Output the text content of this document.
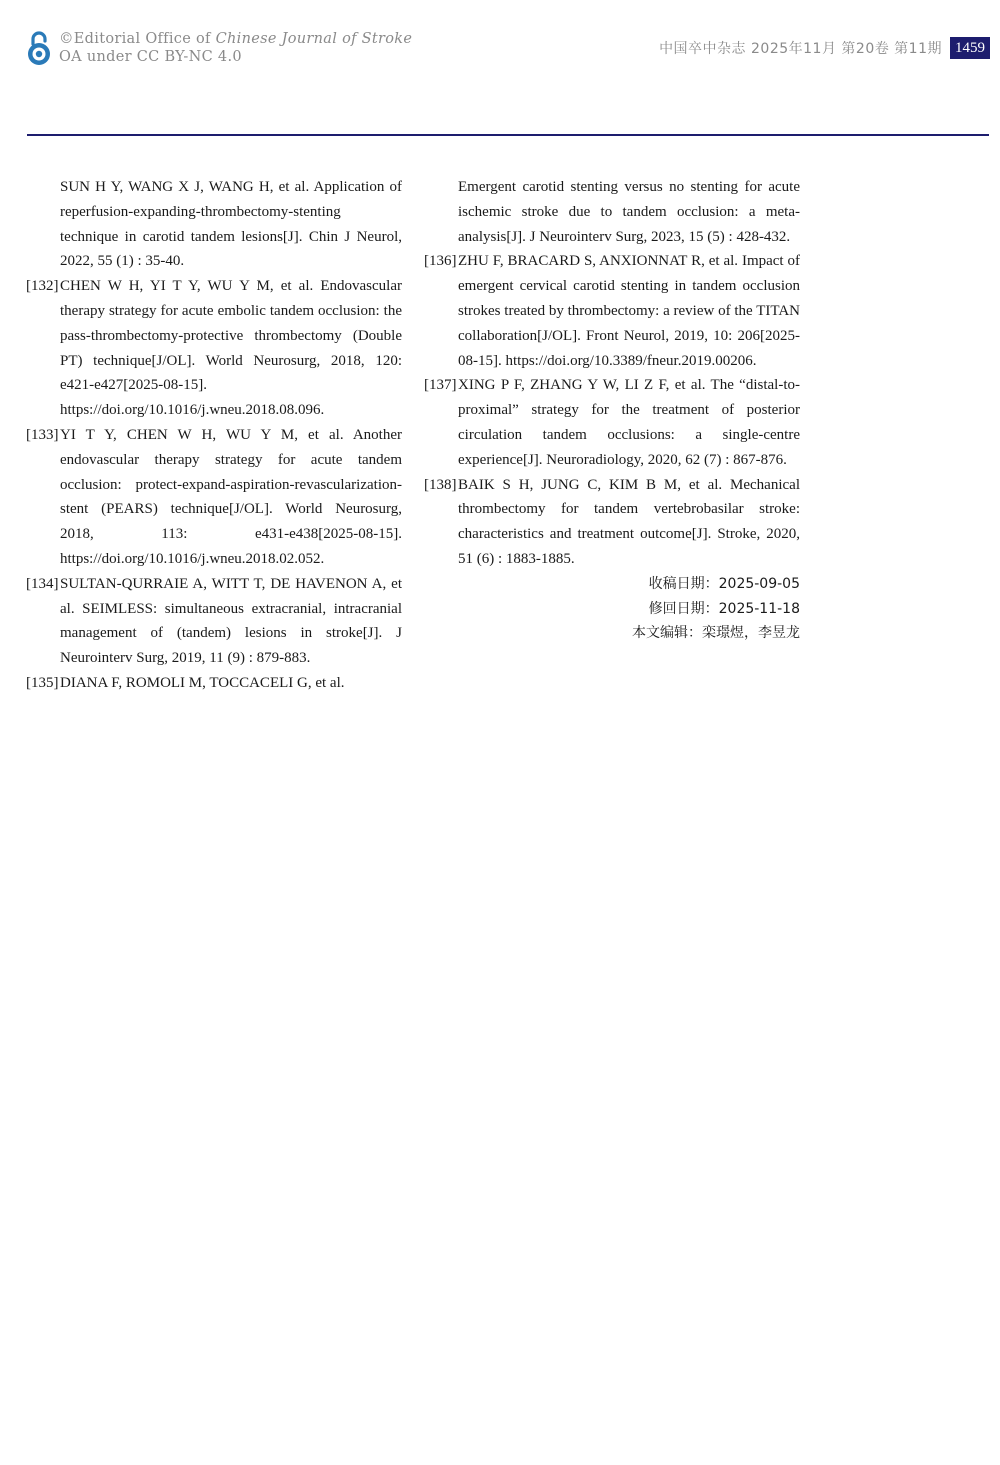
©Editorial Office of Chinese Journal of Stroke
OA under CC BY-NC 4.0	中国卒中杂志 2025年11月 第20卷 第11期 1459
SUN H Y, WANG X J, WANG H, et al. Application of reperfusion-expanding-thrombectomy-stenting technique in carotid tandem lesions[J]. Chin J Neurol, 2022, 55 (1) : 35-40.
[132] CHEN W H, YI T Y, WU Y M, et al. Endovascular therapy strategy for acute embolic tandem occlusion: the pass-thrombectomy-protective thrombectomy (Double PT) technique[J/OL]. World Neurosurg, 2018, 120: e421-e427[2025-08-15]. https://doi.org/10.1016/j.wneu.2018.08.096.
[133] YI T Y, CHEN W H, WU Y M, et al. Another endovascular therapy strategy for acute tandem occlusion: protect-expand-aspiration-revascularization-stent (PEARS) technique[J/OL]. World Neurosurg, 2018, 113: e431-e438[2025-08-15]. https://doi.org/10.1016/j.wneu.2018.02.052.
[134] SULTAN-QURRAIE A, WITT T, DE HAVENON A, et al. SEIMLESS: simultaneous extracranial, intracranial management of (tandem) lesions in stroke[J]. J Neurointerv Surg, 2019, 11 (9) : 879-883.
[135] DIANA F, ROMOLI M, TOCCACELI G, et al.
Emergent carotid stenting versus no stenting for acute ischemic stroke due to tandem occlusion: a meta-analysis[J]. J Neurointerv Surg, 2023, 15 (5) : 428-432.
[136] ZHU F, BRACARD S, ANXIONNAT R, et al. Impact of emergent cervical carotid stenting in tandem occlusion strokes treated by thrombectomy: a review of the TITAN collaboration[J/OL]. Front Neurol, 2019, 10: 206[2025-08-15]. https://doi.org/10.3389/fneur.2019.00206.
[137] XING P F, ZHANG Y W, LI Z F, et al. The “distal-to-proximal” strategy for the treatment of posterior circulation tandem occlusions: a single-centre experience[J]. Neuroradiology, 2020, 62 (7) : 867-876.
[138] BAIK S H, JUNG C, KIM B M, et al. Mechanical thrombectomy for tandem vertebrobasilar stroke: characteristics and treatment outcome[J]. Stroke, 2020, 51 (6) : 1883-1885.
收稿日期：2025-09-05
修回日期：2025-11-18
本文编辑：栾璟煜，李昱龙
